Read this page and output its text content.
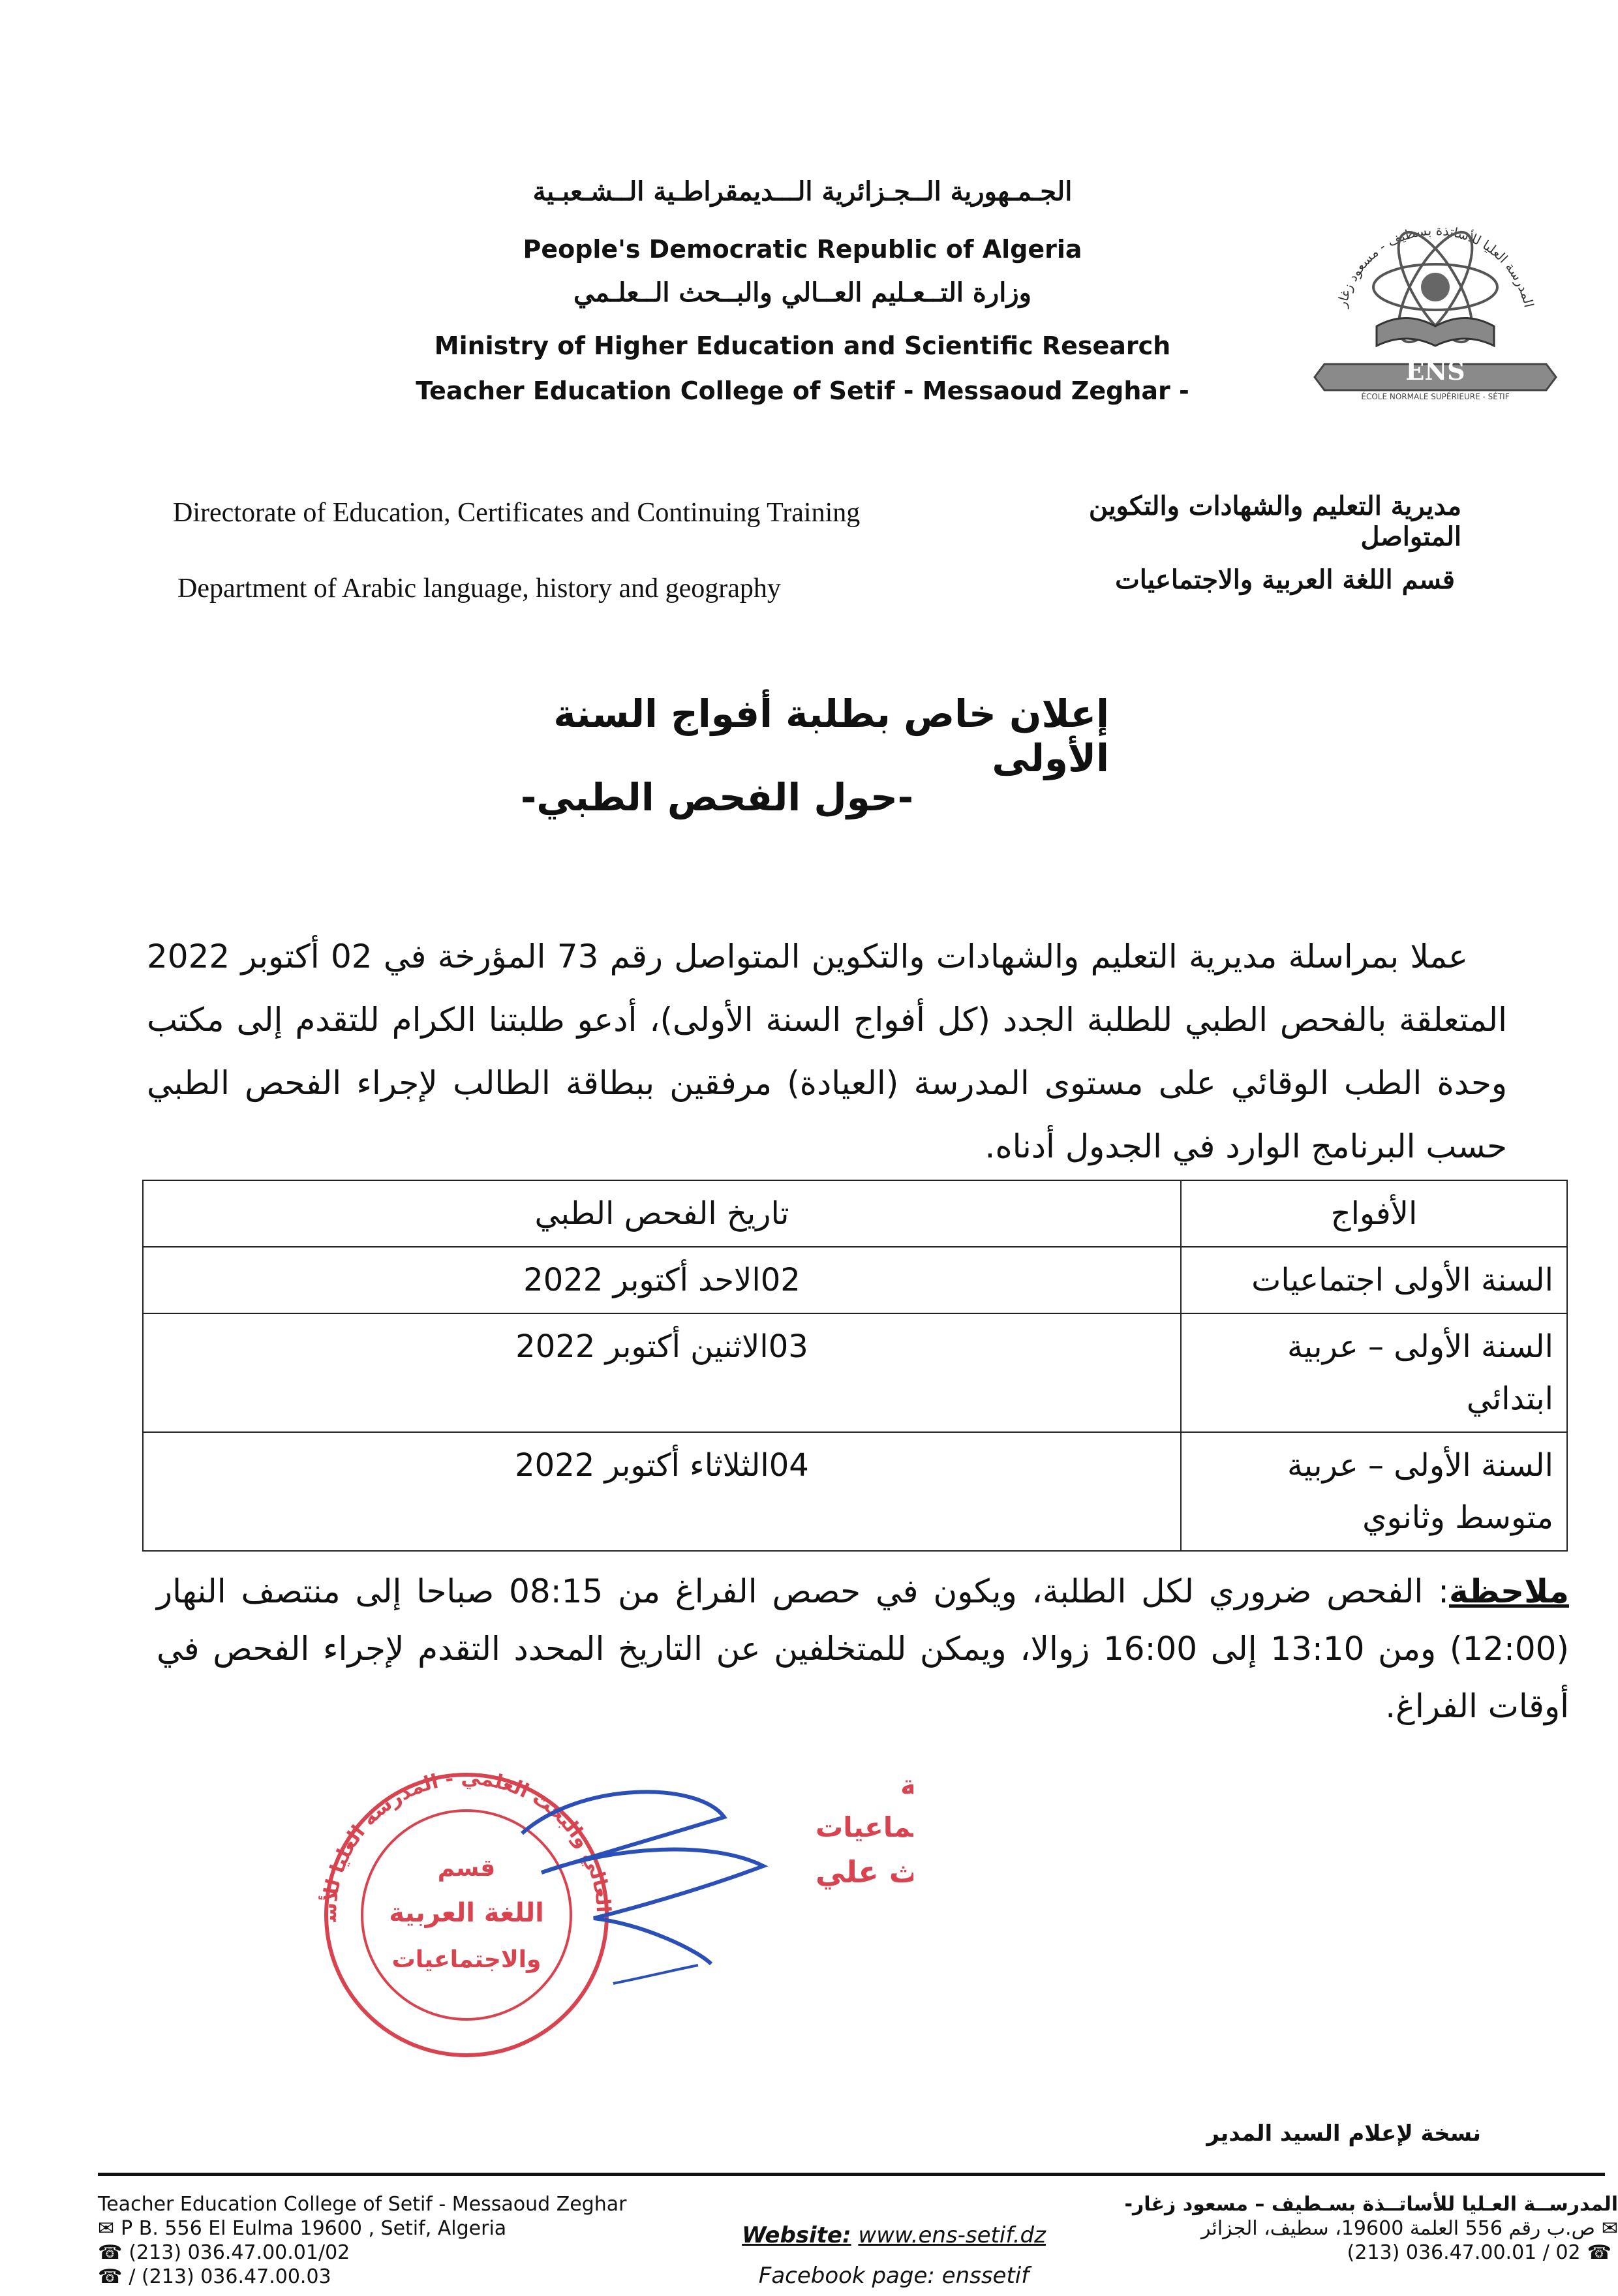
الجـمـهورية الــجـزائرية الـــديمقراطـية الــشـعبـية
People's Democratic Republic of Algeria
وزارة التــعـليم العــالي والبــحث الــعلـمي
Ministry of Higher Education and Scientific Research
Teacher Education College of Setif - Messaoud Zeghar -
المدرسة العليا للأساتذة بسطيف - مسعود زغار
ENS
ÉCOLE NORMALE SUPÉRIEURE - SÉTIF
Directorate of Education, Certificates and Continuing Training	مديرية التعليم والشهادات والتكوين المتواصل
Department of Arabic language, history and geography	قسم اللغة العربية والاجتماعيات
إعلان خاص بطلبة أفواج السنة الأولى
-حول الفحص الطبي-
عملا بمراسلة مديرية التعليم والشهادات والتكوين المتواصل رقم 73 المؤرخة في 02 أكتوبر 2022 المتعلقة بالفحص الطبي للطلبة الجدد (كل أفواج السنة الأولى)، أدعو طلبتنا الكرام للتقدم إلى مكتب وحدة الطب الوقائي على مستوى المدرسة (العيادة) مرفقين ببطاقة الطالب لإجراء الفحص الطبي حسب البرنامج الوارد في الجدول أدناه.
الأفواج	تاريخ الفحص الطبي
السنة الأولى اجتماعيات	02الاحد أكتوبر 2022
السنة الأولى – عربية ابتدائي	03الاثنين أكتوبر 2022
السنة الأولى – عربية متوسط وثانوي	04الثلاثاء أكتوبر 2022
ملاحظة: الفحص ضروري لكل الطلبة، ويكون في حصص الفراغ من 08:15 صباحا إلى منتصف النهار (12:00) ومن 13:10 إلى 16:00 زوالا، ويمكن للمتخلفين عن التاريخ المحدد التقدم لإجراء الفحص في أوقات الفراغ.
العالي والبحث العلمي - المدرسة العليا للأساتذة
قسم
اللغة العربية
والاجتماعيات
ة
ماعيات
ث علي
نسخة لإعلام السيد المدير
Teacher Education College of Setif - Messaoud Zeghar
✉ P B. 556 El Eulma 19600 , Setif, Algeria
☎ (213) 036.47.00.01/02
☎ / (213) 036.47.00.03
Website: www.ens-setif.dz
Facebook page: enssetif
المدرســة العـليا للأساتــذة بسـطيف – مسعود زغار-
✉ص.ب رقم 556 العلمة 19600، سطيف، الجزائر
(213) 036.47.00.01 / 02 ☎
